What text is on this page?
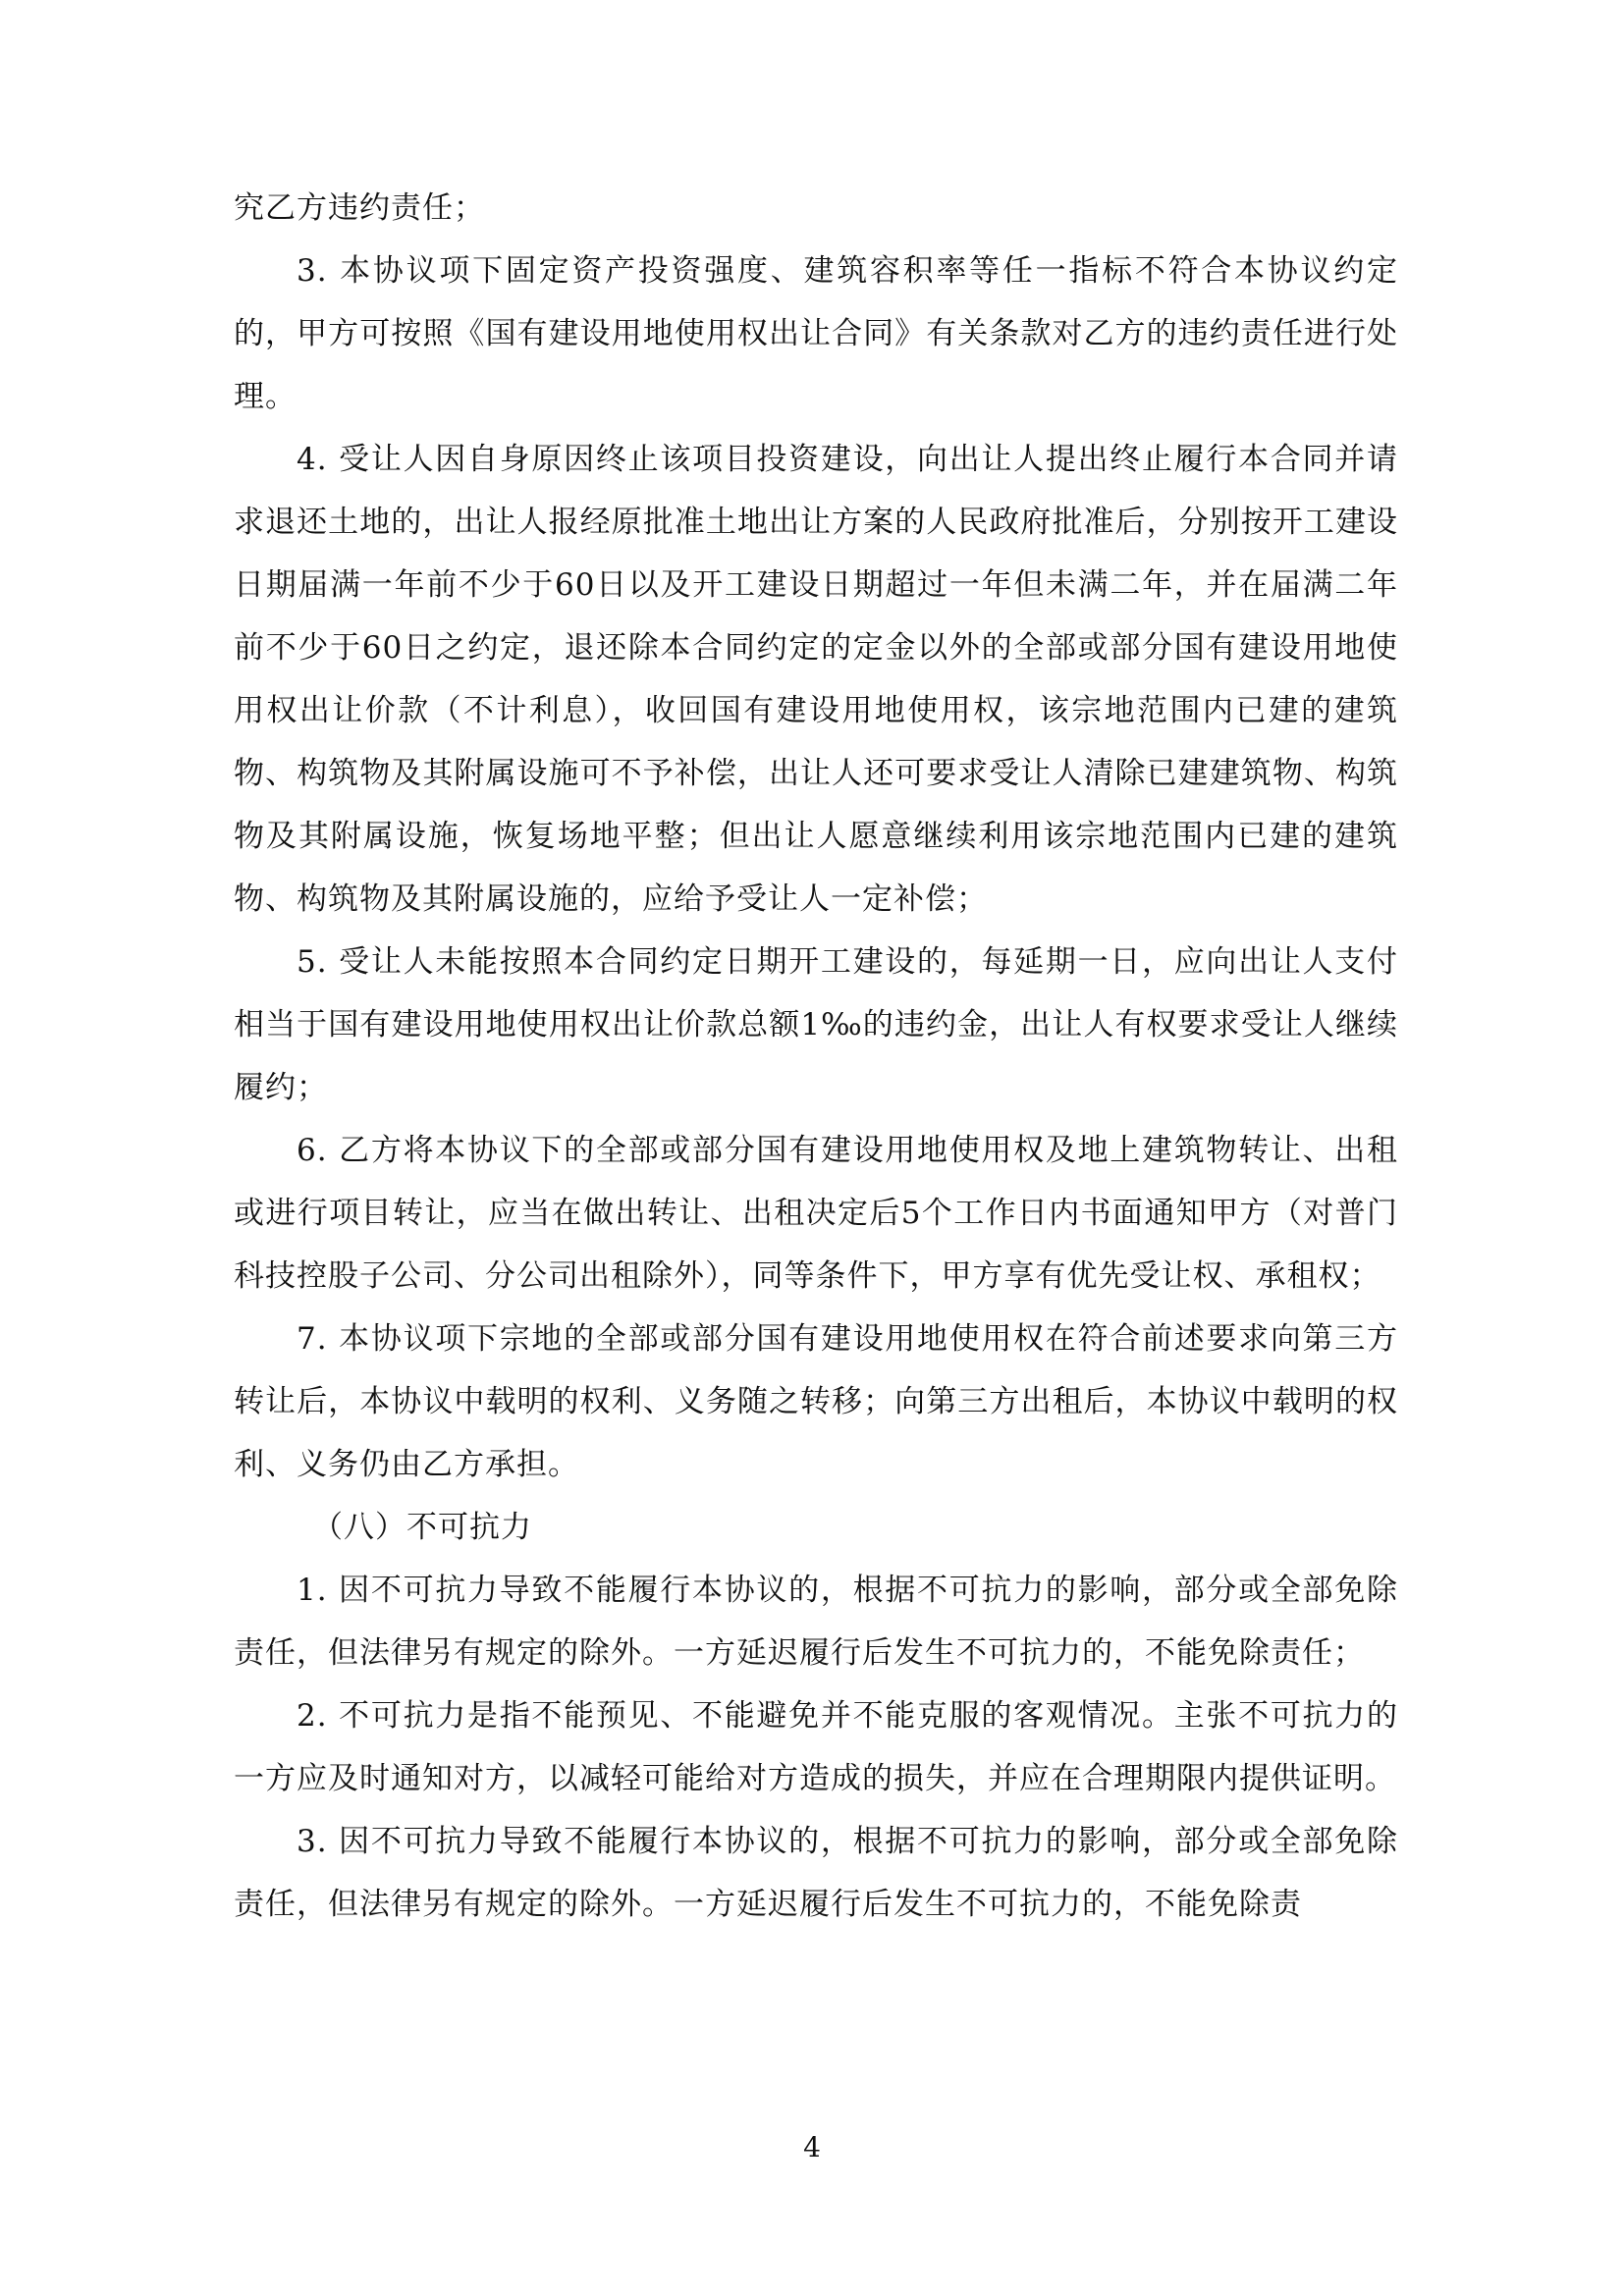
究乙方违约责任；

3. 本协议项下固定资产投资强度、建筑容积率等任一指标不符合本协议约定的，甲方可按照《国有建设用地使用权出让合同》有关条款对乙方的违约责任进行处理。

4. 受让人因自身原因终止该项目投资建设，向出让人提出终止履行本合同并请求退还土地的，出让人报经原批准土地出让方案的人民政府批准后，分别按开工建设日期届满一年前不少于60日以及开工建设日期超过一年但未满二年，并在届满二年前不少于60日之约定，退还除本合同约定的定金以外的全部或部分国有建设用地使用权出让价款（不计利息），收回国有建设用地使用权，该宗地范围内已建的建筑物、构筑物及其附属设施可不予补偿，出让人还可要求受让人清除已建建筑物、构筑物及其附属设施，恢复场地平整；但出让人愿意继续利用该宗地范围内已建的建筑物、构筑物及其附属设施的，应给予受让人一定补偿；

5. 受让人未能按照本合同约定日期开工建设的，每延期一日，应向出让人支付相当于国有建设用地使用权出让价款总额1‰的违约金，出让人有权要求受让人继续履约；

6. 乙方将本协议下的全部或部分国有建设用地使用权及地上建筑物转让、出租或进行项目转让，应当在做出转让、出租决定后5个工作日内书面通知甲方（对普门科技控股子公司、分公司出租除外），同等条件下，甲方享有优先受让权、承租权；

7. 本协议项下宗地的全部或部分国有建设用地使用权在符合前述要求向第三方转让后，本协议中载明的权利、义务随之转移；向第三方出租后，本协议中载明的权利、义务仍由乙方承担。

（八）不可抗力

1. 因不可抗力导致不能履行本协议的，根据不可抗力的影响，部分或全部免除责任，但法律另有规定的除外。一方延迟履行后发生不可抗力的，不能免除责任；

2. 不可抗力是指不能预见、不能避免并不能克服的客观情况。主张不可抗力的一方应及时通知对方，以减轻可能给对方造成的损失，并应在合理期限内提供证明。

3. 因不可抗力导致不能履行本协议的，根据不可抗力的影响，部分或全部免除责任，但法律另有规定的除外。一方延迟履行后发生不可抗力的，不能免除责

4
